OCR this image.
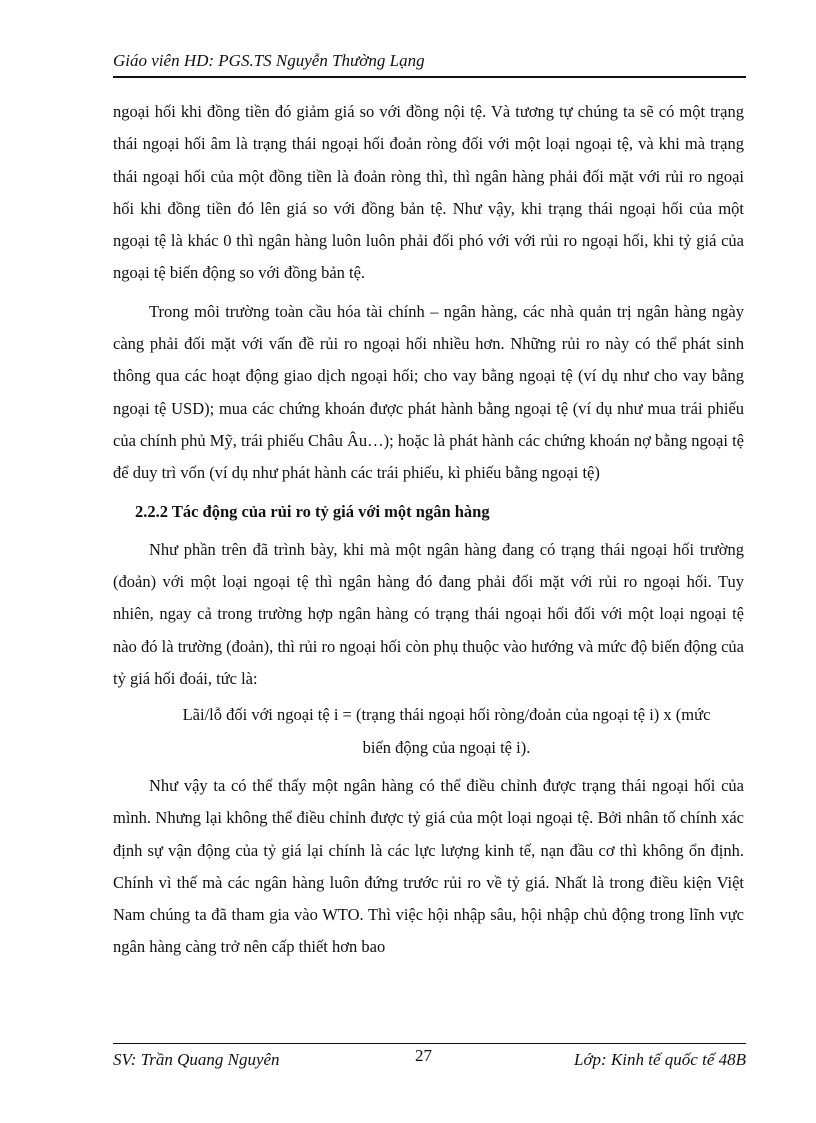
Giáo viên HD: PGS.TS Nguyễn Thường Lạng

ngoại hối khi đồng tiền đó giảm giá so với đồng nội tệ. Và tương tự chúng ta sẽ có một trạng thái ngoại hối âm là trạng thái ngoại hối đoản ròng đối với một loại ngoại tệ, và khi mà trạng thái ngoại hối của một đồng tiền là đoản ròng thì, thì ngân hàng phải đối mặt với rủi ro ngoại hối khi đồng tiền đó lên giá so với đồng bản tệ. Như vậy, khi trạng thái ngoại hối của một ngoại tệ là khác 0 thì ngân hàng luôn luôn phải đối phó với với rủi ro ngoại hối, khi tỷ giá của ngoại tệ biến động so với đồng bản tệ.

Trong môi trường toàn cầu hóa tài chính – ngân hàng, các nhà quản trị ngân hàng ngày càng phải đối mặt với vấn đề rủi ro ngoại hối nhiều hơn. Những rủi ro này có thể phát sinh thông qua các hoạt động giao dịch ngoại hối; cho vay bằng ngoại tệ (ví dụ như cho vay bằng ngoại tệ USD); mua các chứng khoán được phát hành bằng ngoại tệ (ví dụ như mua trái phiếu của chính phủ Mỹ, trái phiếu Châu Âu…); hoặc là phát hành các chứng khoán nợ bằng ngoại tệ để duy trì vốn (ví dụ như phát hành các trái phiếu, kì phiếu bằng ngoại tệ)

2.2.2 Tác động của rủi ro tỷ giá với một ngân hàng

Như phần trên đã trình bày, khi mà một ngân hàng đang có trạng thái ngoại hối trường (đoản) với một loại ngoại tệ thì ngân hàng đó đang phải đối mặt với rủi ro ngoại hối. Tuy nhiên, ngay cả trong trường hợp ngân hàng có trạng thái ngoại hối đối với một loại ngoại tệ nào đó là trường (đoản), thì rủi ro ngoại hối còn phụ thuộc vào hướng và mức độ biến động của tỷ giá hối đoái, tức là:

Lãi/lỗ đối với ngoại tệ i = (trạng thái ngoại hối ròng/đoản của ngoại tệ i) x (mức
biến động của ngoại tệ i).

Như vậy ta có thể thấy một ngân hàng có thể điều chỉnh được trạng thái ngoại hối của mình. Nhưng lại không thể điều chỉnh được tỷ giá của một loại ngoại tệ. Bởi nhân tố chính xác định sự vận động của tỷ giá lại chính là các lực lượng kinh tế, nạn đầu cơ thì không ổn định. Chính vì thế mà các ngân hàng luôn đứng trước rủi ro về tỷ giá. Nhất là trong điều kiện Việt Nam chúng ta đã tham gia vào WTO. Thì việc hội nhập sâu, hội nhập chủ động trong lĩnh vực ngân hàng càng trở nên cấp thiết hơn bao

SV: Trần Quang Nguyên	27	Lớp: Kinh tế quốc tế 48B
